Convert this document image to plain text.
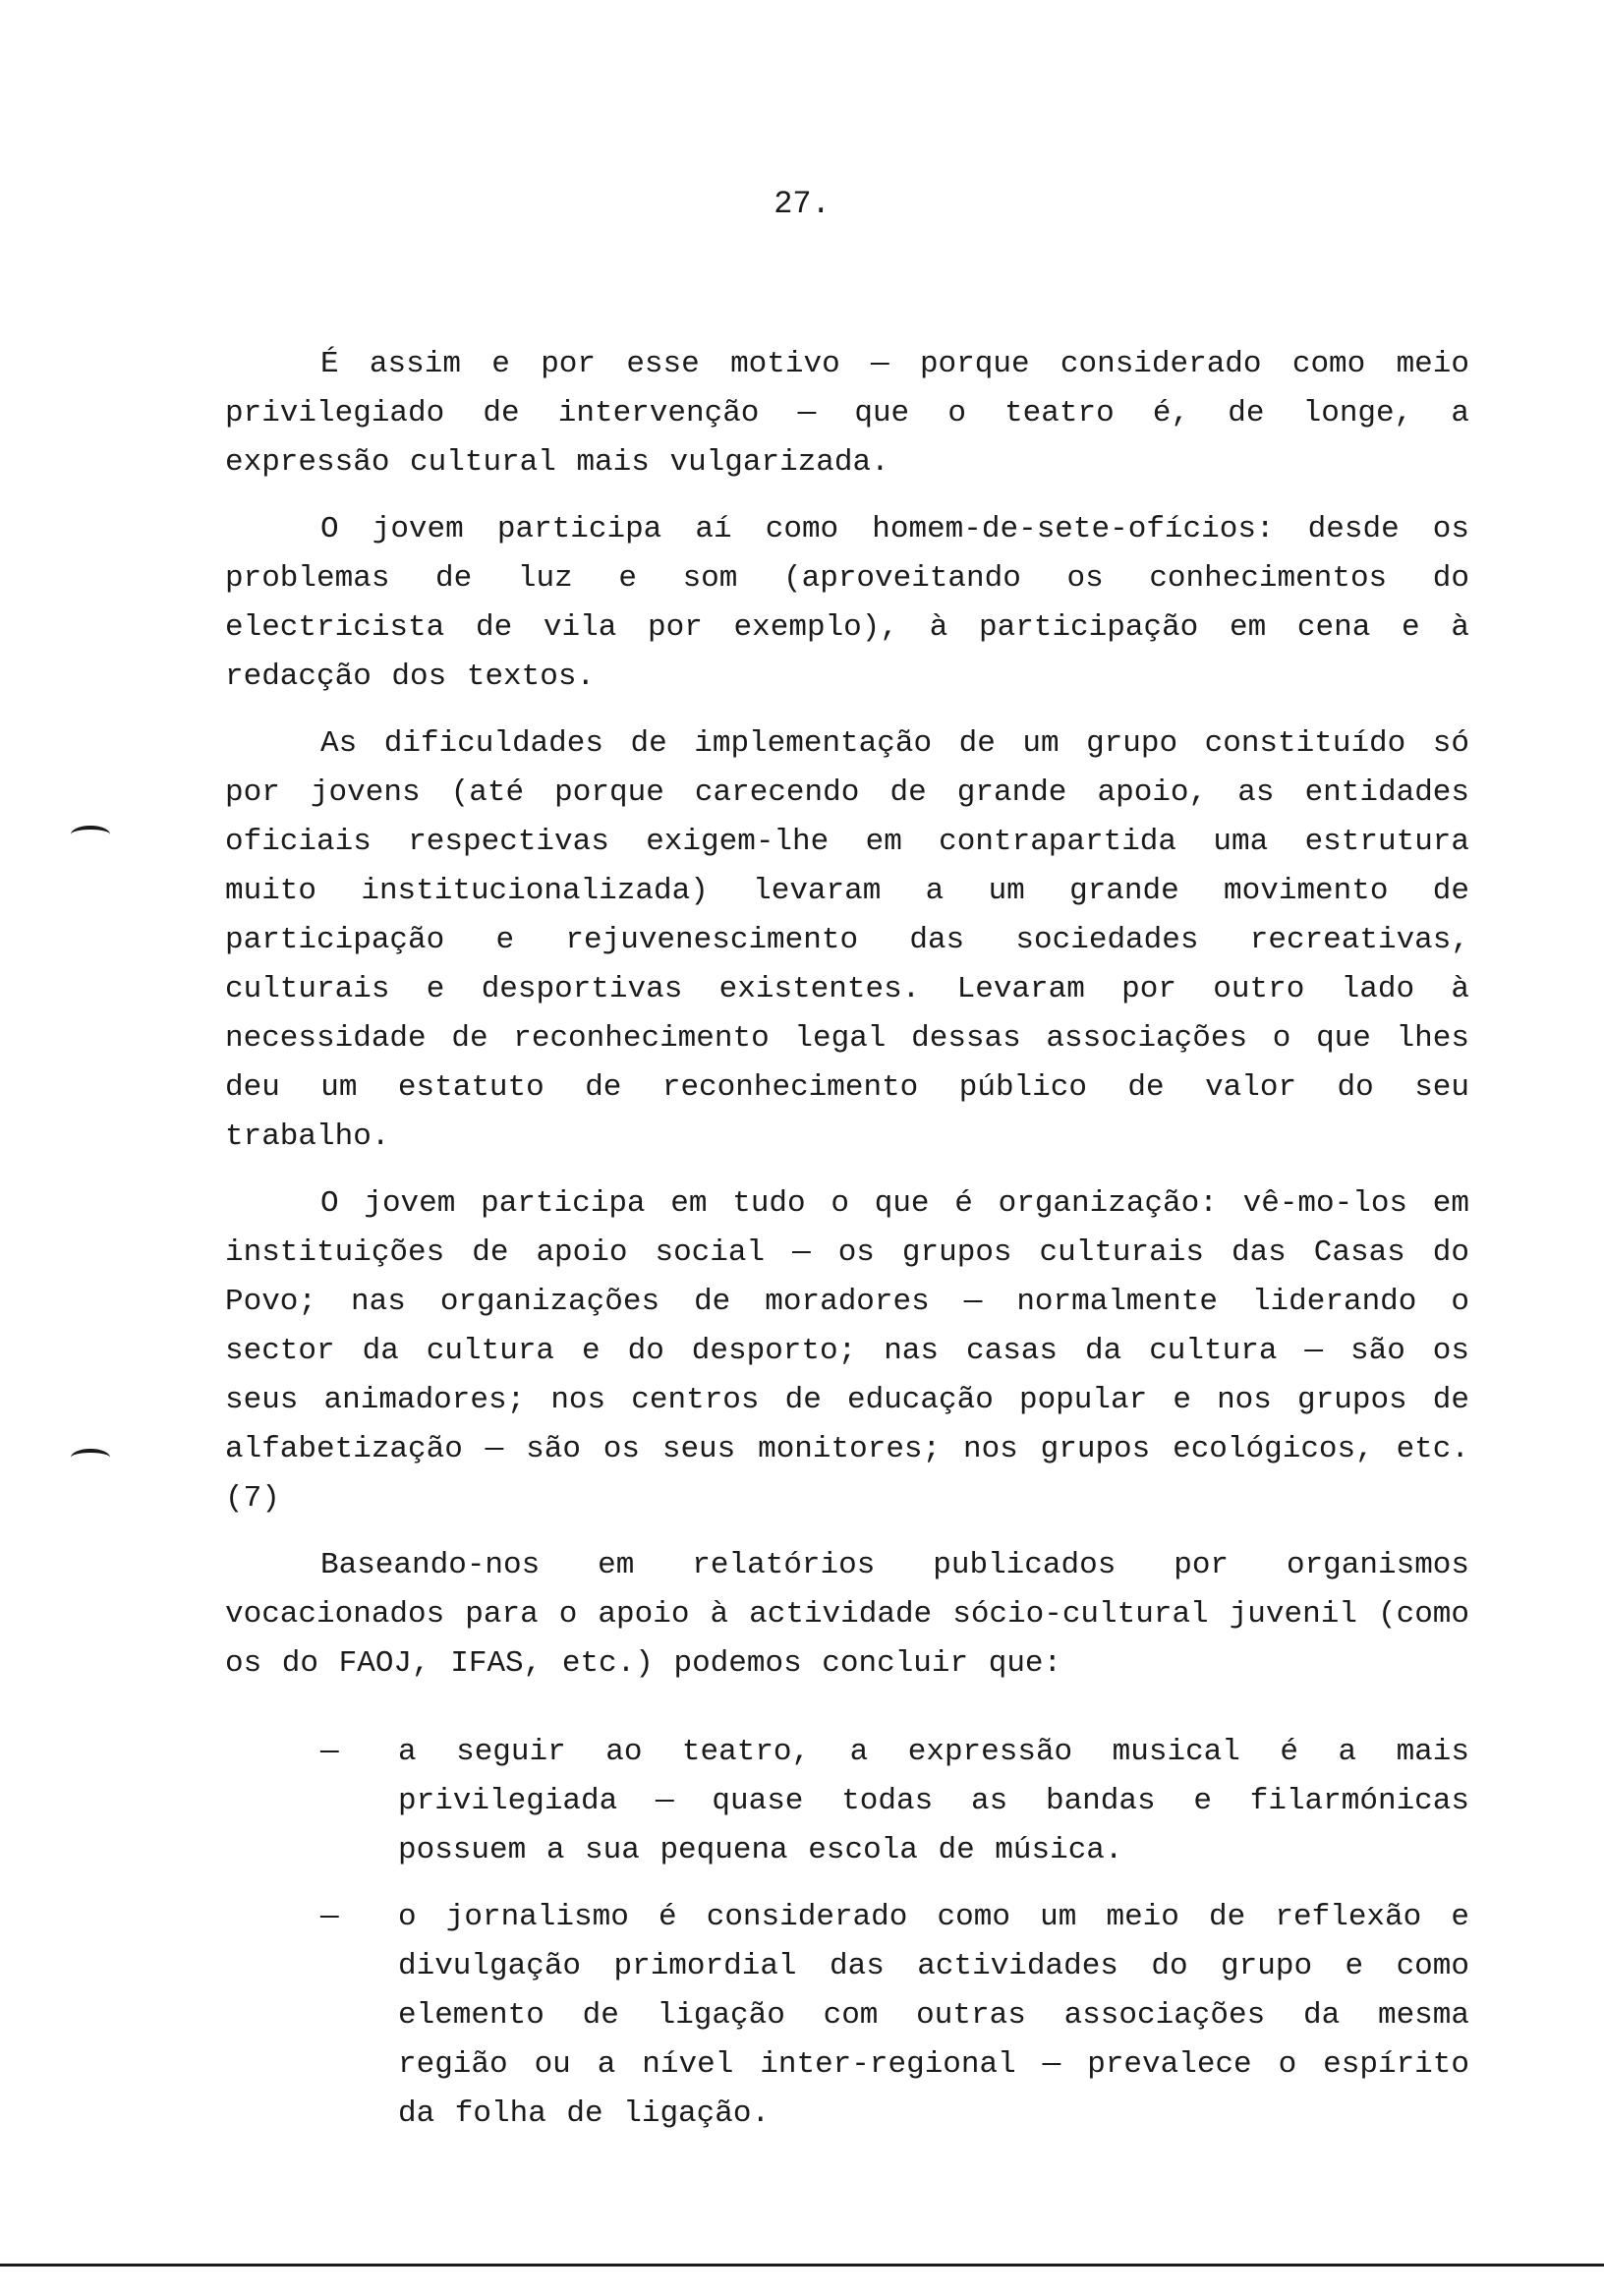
27.

É assim e por esse motivo — porque considerado como meio privilegiado de intervenção — que o teatro é, de longe, a expressão cultural mais vulgarizada.

O jovem participa aí como homem-de-sete-ofícios: desde os problemas de luz e som (aproveitando os conhecimentos do electricista de vila por exemplo), à participação em cena e à redacção dos textos.

As dificuldades de implementação de um grupo constituído só por jovens (até porque carecendo de grande apoio, as entidades oficiais respectivas exigem-lhe em contrapartida uma estrutura muito institucionalizada) levaram a um grande movimento de participação e rejuvenescimento das sociedades recreativas, culturais e desportivas existentes. Levaram por outro lado à necessidade de reconhecimento legal dessas associações o que lhes deu um estatuto de reconhecimento público de valor do seu trabalho.

O jovem participa em tudo o que é organização: vê-mo-los em instituições de apoio social — os grupos culturais das Casas do Povo; nas organizações de moradores — normalmente liderando o sector da cultura e do desporto; nas casas da cultura — são os seus animadores; nos centros de educação popular e nos grupos de alfabetização — são os seus monitores; nos grupos ecológicos, etc. (7)

Baseando-nos em relatórios publicados por organismos vocacionados para o apoio à actividade sócio-cultural juvenil (como os do FAOJ, IFAS, etc.) podemos concluir que:

— a seguir ao teatro, a expressão musical é a mais privilegiada — quase todas as bandas e filarmónicas possuem a sua pequena escola de música.
— o jornalismo é considerado como um meio de reflexão e divulgação primordial das actividades do grupo e como elemento de ligação com outras associações da mesma região ou a nível inter-regional — prevalece o espírito da folha de ligação.
